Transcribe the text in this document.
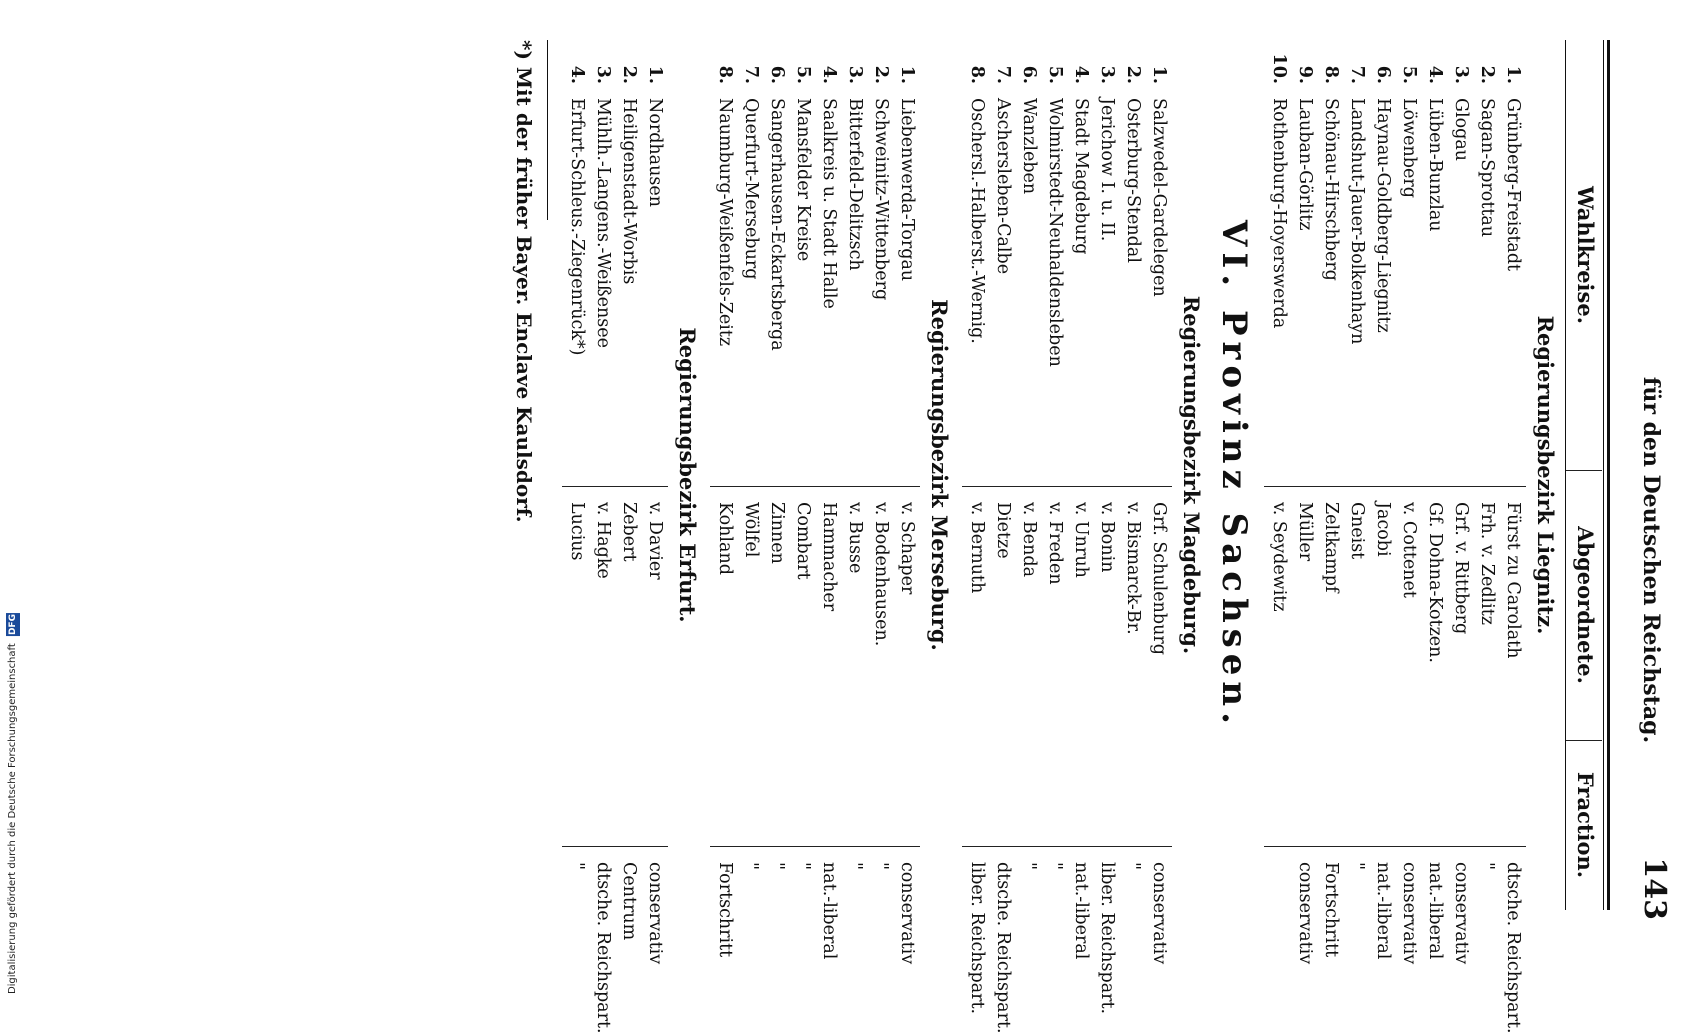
für den Deutschen Reichstag.
143
Wahlkreise.
Abgeordnete.
Fraction.
Regierungsbezirk Liegnitz.
1.
Grünberg-Freistadt
Fürst zu Carolath
dtsche. Reichspart.
2.
Sagan-Sprottau
Frh. v. Zedlitz
"
3.
Glogau
Grf. v. Rittberg
conservativ
4.
Lüben-Bunzlau
Gf. Dohna-Kotzen.
nat.-liberal
5.
Löwenberg
v. Cottenet
conservativ
6.
Haynau-Goldberg-Liegnitz
Jacobi
nat.-liberal
7.
Landshut-Jauer-Bolkenhayn
Gneist
"
8.
Schönau-Hirschberg
Zeltkampf
Fortschritt
9.
Lauban-Görlitz
Müller
conservativ
10.
Rothenburg-Hoyerswerda
v. Seydewitz
VI. Provinz Sachsen.
Regierungsbezirk Magdeburg.
1.
Salzwedel-Gardelegen
Grf. Schulenburg
conservativ
2.
Osterburg-Stendal
v. Bismarck-Br.
"
3.
Jerichow I. u. II.
v. Bonin
liber. Reichspart.
4.
Stadt Magdeburg
v. Unruh
nat.-liberal
5.
Wolmirstedt-Neuhaldensleben
v. Freden
"
6.
Wanzleben
v. Benda
"
7.
Aschersleben-Calbe
Dietze
dtsche. Reichspart.
8.
Oschersl.-Halberst.-Wernig.
v. Bernuth
liber. Reichspart.
Regierungsbezirk Merseburg.
1.
Liebenwerda-Torgau
v. Schaper
conservativ
2.
Schweinitz-Wittenberg
v. Bodenhausen.
"
3.
Bitterfeld-Delitzsch
v. Busse
"
4.
Saalkreis u. Stadt Halle
Hammacher
nat.-liberal
5.
Mansfelder Kreise
Combart
"
6.
Sangerhausen-Eckartsberga
Zinnen
"
7.
Querfurt-Merseburg
Wölfel
"
8.
Naumburg-Weißenfels-Zeitz
Kohland
Fortschritt
Regierungsbezirk Erfurt.
1.
Nordhausen
v. Davier
conservativ
2.
Heiligenstadt-Worbis
Zebert
Centrum
3.
Mühlh.-Langens.-Weißensee
v. Hagke
dtsche. Reichspart.
4.
Erfurt-Schleus.-Ziegenrück*)
Lucius
"
*) Mit der früher Bayer. Enclave Kaulsdorf.
Digitalisierung gefördert durch die Deutsche Forschungsgemeinschaft DFG
